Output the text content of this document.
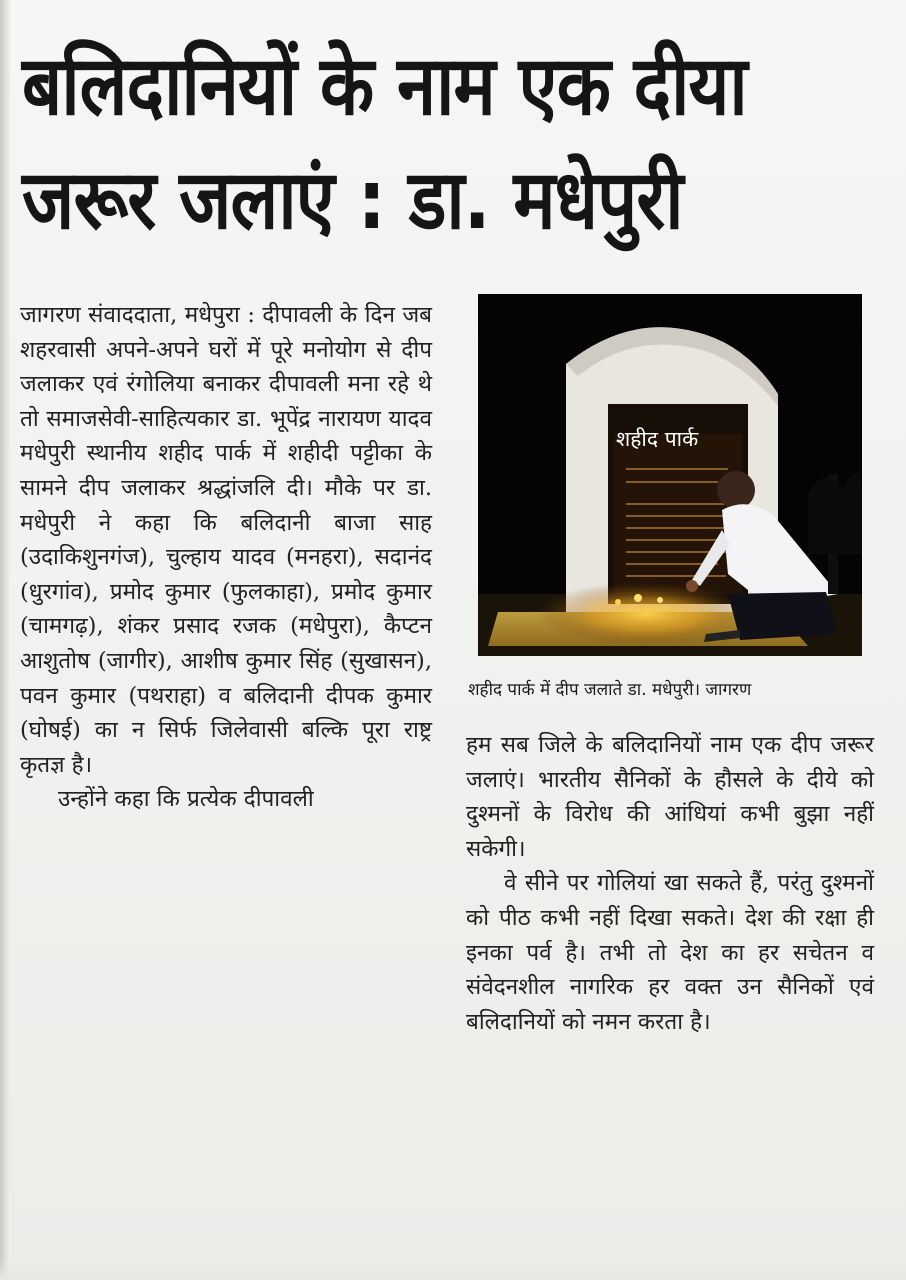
बलिदानियों के नाम एक दीया
जरूर जलाएं : डा. मधेपुरी

जागरण संवाददाता, मधेपुरा : दीपावली के दिन जब शहरवासी अपने-अपने घरों में पूरे मनोयोग से दीप जलाकर एवं रंगोलिया बनाकर दीपावली मना रहे थे तो समाजसेवी-साहित्यकार डा. भूपेंद्र नारायण यादव मधेपुरी स्थानीय शहीद पार्क में शहीदी पट्टीका के सामने दीप जलाकर श्रद्धांजलि दी। मौके पर डा. मधेपुरी ने कहा कि बलिदानी बाजा साह (उदाकिशुनगंज), चुल्हाय यादव (मनहरा), सदानंद (धुरगांव), प्रमोद कुमार (फुलकाहा), प्रमोद कुमार (चामगढ़), शंकर प्रसाद रजक (मधेपुरा), कैप्टन आशुतोष (जागीर), आशीष कुमार सिंह (सुखासन), पवन कुमार (पथराहा) व बलिदानी दीपक कुमार (घोषई) का न सिर्फ जिलेवासी बल्कि पूरा राष्ट्र कृतज्ञ है।

उन्होंने कहा कि प्रत्येक दीपावली

शहीद पार्क
शहीद पार्क में दीप जलाते डा. मधेपुरी। जागरण

हम सब जिले के बलिदानियों नाम एक दीप जरूर जलाएं। भारतीय सैनिकों के हौसले के दीये को दुश्मनों के विरोध की आंधियां कभी बुझा नहीं सकेगी।

वे सीने पर गोलियां खा सकते हैं, परंतु दुश्मनों को पीठ कभी नहीं दिखा सकते। देश की रक्षा ही इनका पर्व है। तभी तो देश का हर सचेतन व संवेदनशील नागरिक हर वक्त उन सैनिकों एवं बलिदानियों को नमन करता है।
